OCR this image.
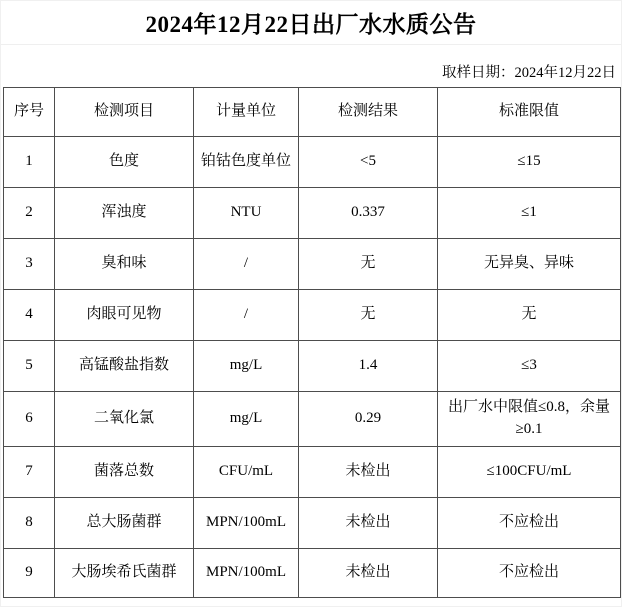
2024年12月22日出厂水水质公告
取样日期：2024年12月22日
序号	检测项目	计量单位	检测结果	标准限值
1	色度	铂钴色度单位	<5	≤15
2	浑浊度	NTU	0.337	≤1
3	臭和味	/	无	无异臭、异味
4	肉眼可见物	/	无	无
5	高锰酸盐指数	mg/L	1.4	≤3
6	二氧化氯	mg/L	0.29	出厂水中限值≤0.8，余量≥0.1
7	菌落总数	CFU/mL	未检出	≤100CFU/mL
8	总大肠菌群	MPN/100mL	未检出	不应检出
9	大肠埃希氏菌群	MPN/100mL	未检出	不应检出
